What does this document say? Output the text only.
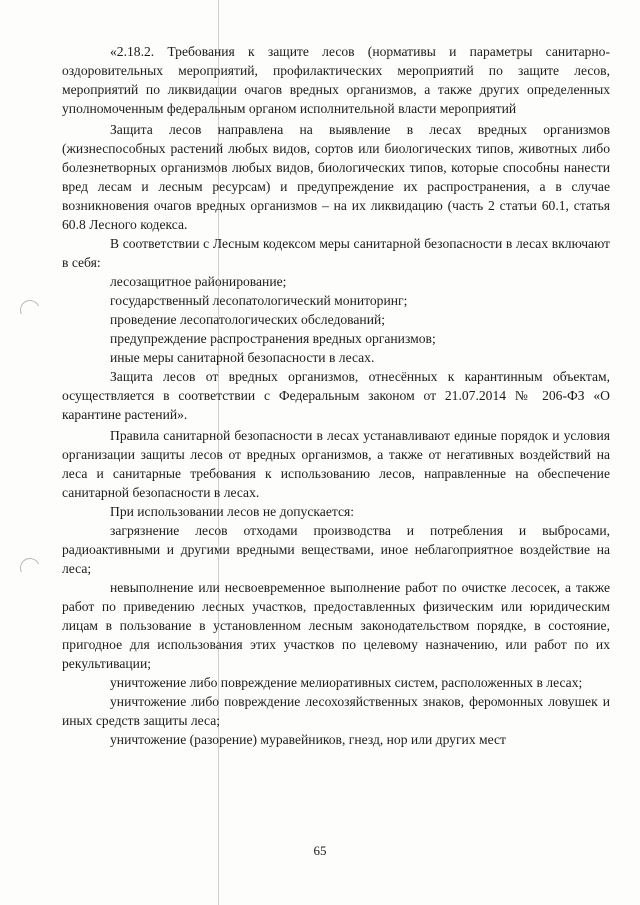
«2.18.2. Требования к защите лесов (нормативы и параметры санитарно-оздоровительных мероприятий, профилактических мероприятий по защите лесов, мероприятий по ликвидации очагов вредных организмов, а также других определенных уполномоченным федеральным органом исполнительной власти мероприятий

Защита лесов направлена на выявление в лесах вредных организмов (жизнеспособных растений любых видов, сортов или биологических типов, животных либо болезнетворных организмов любых видов, биологических типов, которые способны нанести вред лесам и лесным ресурсам) и предупреждение их распространения, а в случае возникновения очагов вредных организмов – на их ликвидацию (часть 2 статьи 60.1, статья 60.8 Лесного кодекса.

В соответствии с Лесным кодексом меры санитарной безопасности в лесах включают в себя:

лесозащитное районирование;

государственный лесопатологический мониторинг;

проведение лесопатологических обследований;

предупреждение распространения вредных организмов;

иные меры санитарной безопасности в лесах.

Защита лесов от вредных организмов, отнесённых к карантинным объектам, осуществляется в соответствии с Федеральным законом от 21.07.2014 № 206-ФЗ «О карантине растений».

Правила санитарной безопасности в лесах устанавливают единые порядок и условия организации защиты лесов от вредных организмов, а также от негативных воздействий на леса и санитарные требования к использованию лесов, направленные на обеспечение санитарной безопасности в лесах.

При использовании лесов не допускается:

загрязнение лесов отходами производства и потребления и выбросами, радиоактивными и другими вредными веществами, иное неблагоприятное воздействие на леса;

невыполнение или несвоевременное выполнение работ по очистке лесосек, а также работ по приведению лесных участков, предоставленных физическим или юридическим лицам в пользование в установленном лесным законодательством порядке, в состояние, пригодное для использования этих участков по целевому назначению, или работ по их рекультивации;

уничтожение либо повреждение мелиоративных систем, расположенных в лесах;

уничтожение либо повреждение лесохозяйственных знаков, феромонных ловушек и иных средств защиты леса;

уничтожение (разорение) муравейников, гнезд, нор или других мест

65
